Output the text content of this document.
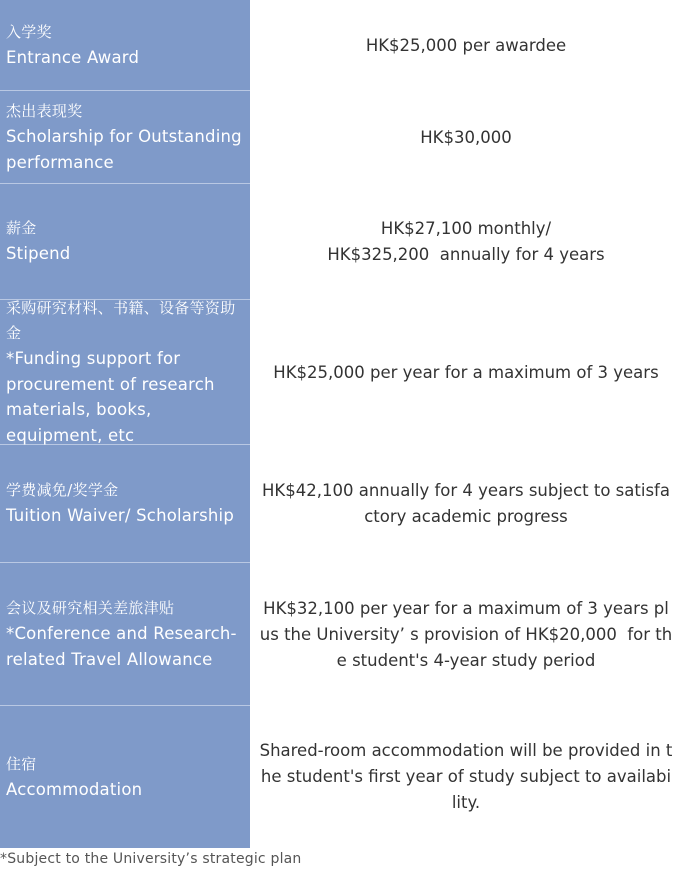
入学奖
Entrance Award
HK$25,000 per awardee
杰出表现奖
Scholarship for Outstanding performance
HK$30,000
薪金
Stipend
HK$27,100 monthly/
HK$325,200  annually for 4 years
采购研究材料、书籍、设备等资助金
*Funding support for procurement of research materials, books, equipment, etc
HK$25,000 per year for a maximum of 3 years
学费减免/奖学金
Tuition Waiver/ Scholarship
HK$42,100 annually for 4 years subject to satisfactory academic progress
会议及研究相关差旅津贴
*Conference and Research-related Travel Allowance
HK$32,100 per year for a maximum of 3 years plus the University’ s provision of HK$20,000  for the student's 4-year study period
住宿
Accommodation
Shared-room accommodation will be provided in the student's first year of study subject to availability.
*Subject to the University’s strategic plan
